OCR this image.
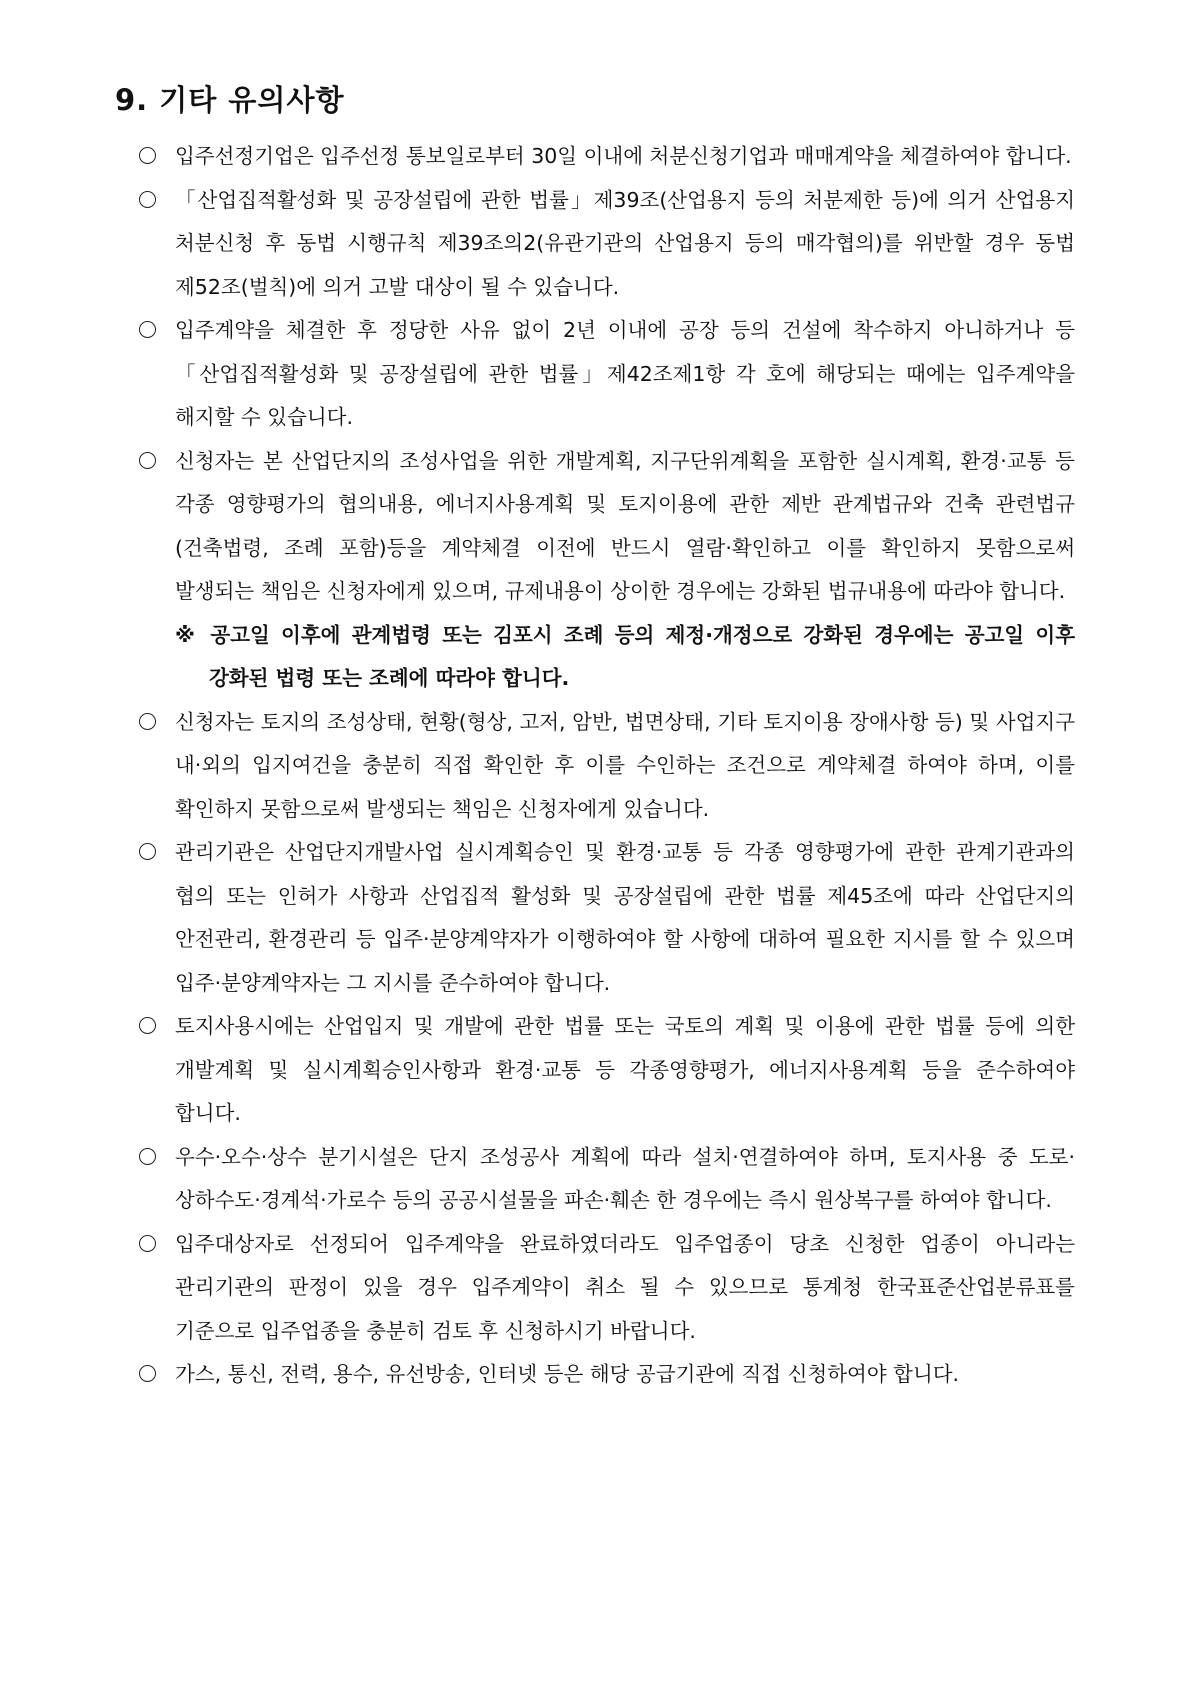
9. 기타 유의사항
입주선정기업은 입주선정 통보일로부터 30일 이내에 처분신청기업과 매매계약을 체결하여야 합니다.
「산업집적활성화 및 공장설립에 관한 법률」제39조(산업용지 등의 처분제한 등)에 의거 산업용지 처분신청 후 동법 시행규칙 제39조의2(유관기관의 산업용지 등의 매각협의)를 위반할 경우 동법 제52조(벌칙)에 의거 고발 대상이 될 수 있습니다.
입주계약을 체결한 후 정당한 사유 없이 2년 이내에 공장 등의 건설에 착수하지 아니하거나 등 「산업집적활성화 및 공장설립에 관한 법률」제42조제1항 각 호에 해당되는 때에는 입주계약을 해지할 수 있습니다.
신청자는 본 산업단지의 조성사업을 위한 개발계획, 지구단위계획을 포함한 실시계획, 환경·교통 등 각종 영향평가의 협의내용, 에너지사용계획 및 토지이용에 관한 제반 관계법규와 건축 관련법규(건축법령, 조례 포함)등을 계약체결 이전에 반드시 열람·확인하고 이를 확인하지 못함으로써 발생되는 책임은 신청자에게 있으며, 규제내용이 상이한 경우에는 강화된 법규내용에 따라야 합니다.
※ 공고일 이후에 관계법령 또는 김포시 조례 등의 제정·개정으로 강화된 경우에는 공고일 이후 강화된 법령 또는 조례에 따라야 합니다.
신청자는 토지의 조성상태, 현황(형상, 고저, 암반, 법면상태, 기타 토지이용 장애사항 등) 및 사업지구 내·외의 입지여건을 충분히 직접 확인한 후 이를 수인하는 조건으로 계약체결 하여야 하며, 이를 확인하지 못함으로써 발생되는 책임은 신청자에게 있습니다.
관리기관은 산업단지개발사업 실시계획승인 및 환경·교통 등 각종 영향평가에 관한 관계기관과의 협의 또는 인허가 사항과 산업집적 활성화 및 공장설립에 관한 법률 제45조에 따라 산업단지의 안전관리, 환경관리 등 입주·분양계약자가 이행하여야 할 사항에 대하여 필요한 지시를 할 수 있으며 입주·분양계약자는 그 지시를 준수하여야 합니다.
토지사용시에는 산업입지 및 개발에 관한 법률 또는 국토의 계획 및 이용에 관한 법률 등에 의한 개발계획 및 실시계획승인사항과 환경·교통 등 각종영향평가, 에너지사용계획 등을 준수하여야 합니다.
우수·오수·상수 분기시설은 단지 조성공사 계획에 따라 설치·연결하여야 하며, 토지사용 중 도로·상하수도·경계석·가로수 등의 공공시설물을 파손·훼손 한 경우에는 즉시 원상복구를 하여야 합니다.
입주대상자로 선정되어 입주계약을 완료하였더라도 입주업종이 당초 신청한 업종이 아니라는 관리기관의 판정이 있을 경우 입주계약이 취소 될 수 있으므로 통계청 한국표준산업분류표를 기준으로 입주업종을 충분히 검토 후 신청하시기 바랍니다.
가스, 통신, 전력, 용수, 유선방송, 인터넷 등은 해당 공급기관에 직접 신청하여야 합니다.
